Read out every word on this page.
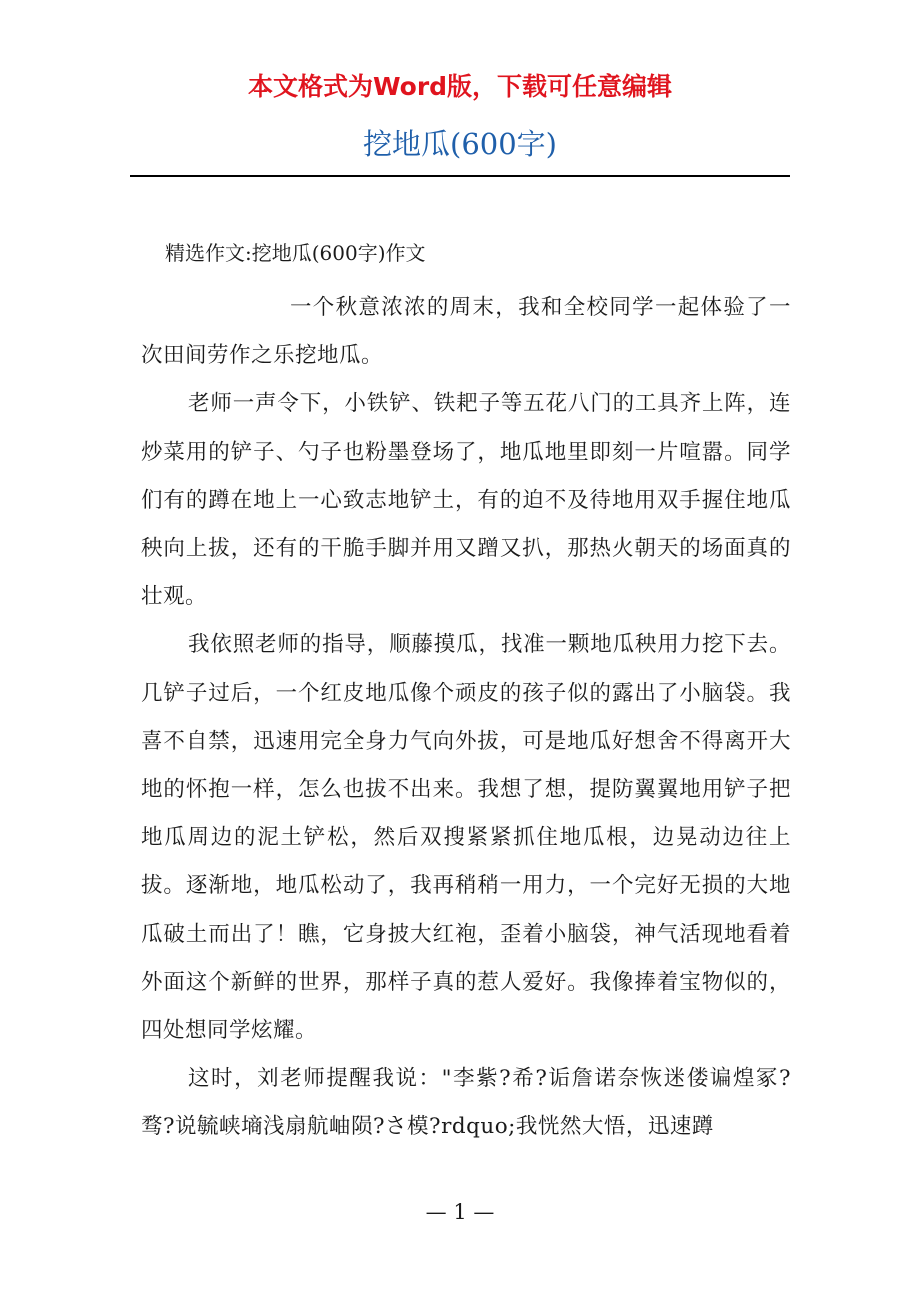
本文格式为Word版，下载可任意编辑
挖地瓜(600字)
精选作文:挖地瓜(600字)作文

一个秋意浓浓的周末，我和全校同学一起体验了一次田间劳作之乐挖地瓜。

老师一声令下，小铁铲、铁耙子等五花八门的工具齐上阵，连炒菜用的铲子、勺子也粉墨登场了，地瓜地里即刻一片喧嚣。同学们有的蹲在地上一心致志地铲土，有的迫不及待地用双手握住地瓜秧向上拔，还有的干脆手脚并用又蹭又扒，那热火朝天的场面真的壮观。

我依照老师的指导，顺藤摸瓜，找准一颗地瓜秧用力挖下去。几铲子过后，一个红皮地瓜像个顽皮的孩子似的露出了小脑袋。我喜不自禁，迅速用完全身力气向外拔，可是地瓜好想舍不得离开大地的怀抱一样，怎么也拔不出来。我想了想，提防翼翼地用铲子把地瓜周边的泥土铲松，然后双搜紧紧抓住地瓜根，边晃动边往上拔。逐渐地，地瓜松动了，我再稍稍一用力，一个完好无损的大地瓜破土而出了！瞧，它身披大红袍，歪着小脑袋，神气活现地看着外面这个新鲜的世界，那样子真的惹人爱好。我像捧着宝物似的，四处想同学炫耀。

这时，刘老师提醒我说："李紫?希?诟詹诺奈恢迷偻谝煌冢?骛?说毓峡墒浅扇航岫陨?さ模?rdquo;我恍然大悟，迅速蹲

— 1 —
